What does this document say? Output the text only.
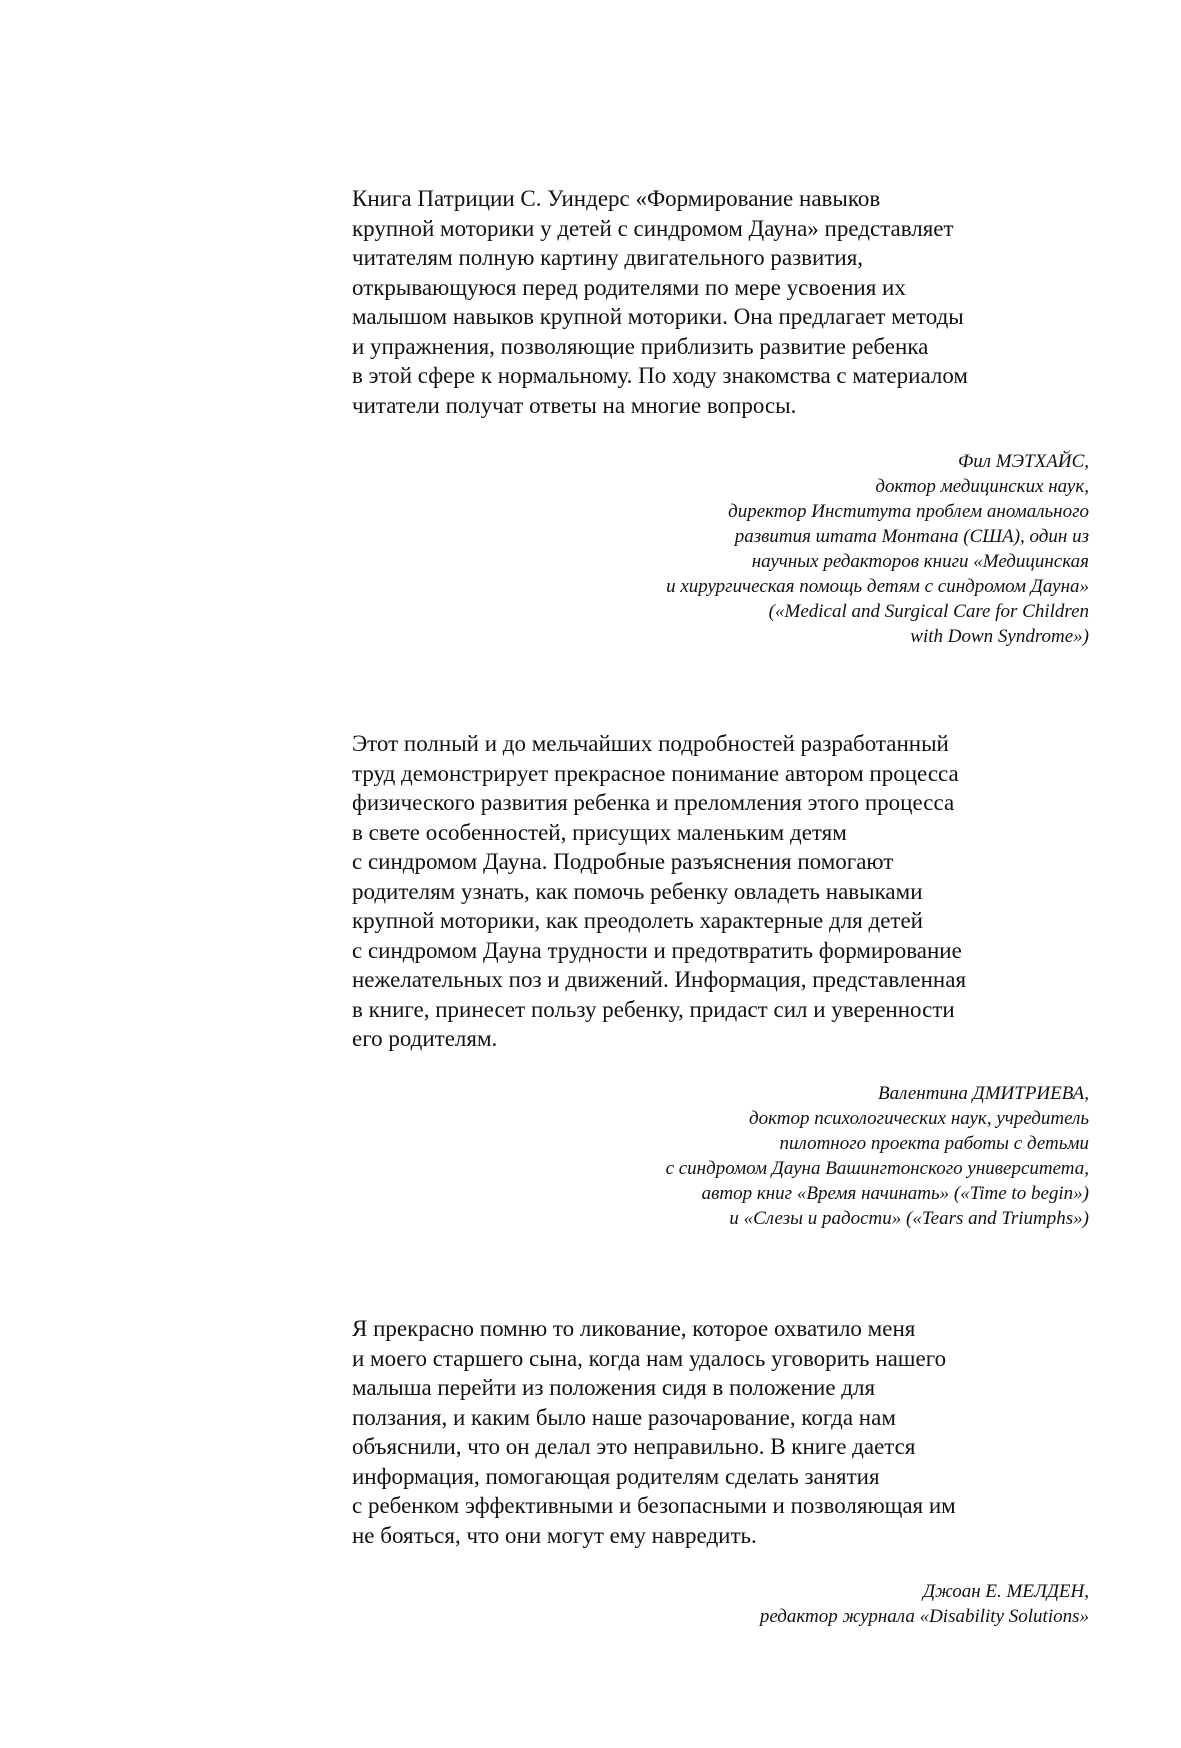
Книга Патриции С. Уиндерс «Формирование навыков
крупной моторики у детей с синдромом Дауна» представляет
читателям полную картину двигательного развития,
открывающуюся перед родителями по мере усвоения их
малышом навыков крупной моторики. Она предлагает методы
и упражнения, позволяющие приблизить развитие ребенка
в этой сфере к нормальному. По ходу знакомства с материалом
читатели получат ответы на многие вопросы.

Фил МЭТХАЙС,
доктор медицинских наук,
директор Института проблем аномального
развития штата Монтана (США), один из
научных редакторов книги «Медицинская
и хирургическая помощь детям с синдромом Дауна»
(«Medical and Surgical Care for Children
with Down Syndrome»)

Этот полный и до мельчайших подробностей разработанный
труд демонстрирует прекрасное понимание автором процесса
физического развития ребенка и преломления этого процесса
в свете особенностей, присущих маленьким детям
с синдромом Дауна. Подробные разъяснения помогают
родителям узнать, как помочь ребенку овладеть навыками
крупной моторики, как преодолеть характерные для детей
с синдромом Дауна трудности и предотвратить формирование
нежелательных поз и движений. Информация, представленная
в книге, принесет пользу ребенку, придаст сил и уверенности
его родителям.

Валентина ДМИТРИЕВА,
доктор психологических наук, учредитель
пилотного проекта работы с детьми
с синдромом Дауна Вашингтонского университета,
автор книг «Время начинать» («Time to begin»)
и «Слезы и радости» («Tears and Triumphs»)

Я прекрасно помню то ликование, которое охватило меня
и моего старшего сына, когда нам удалось уговорить нашего
малыша перейти из положения сидя в положение для
ползания, и каким было наше разочарование, когда нам
объяснили, что он делал это неправильно. В книге дается
информация, помогающая родителям сделать занятия
с ребенком эффективными и безопасными и позволяющая им
не бояться, что они могут ему навредить.

Джоан Е. МЕЛДЕН,
редактор журнала «Disability Solutions»
